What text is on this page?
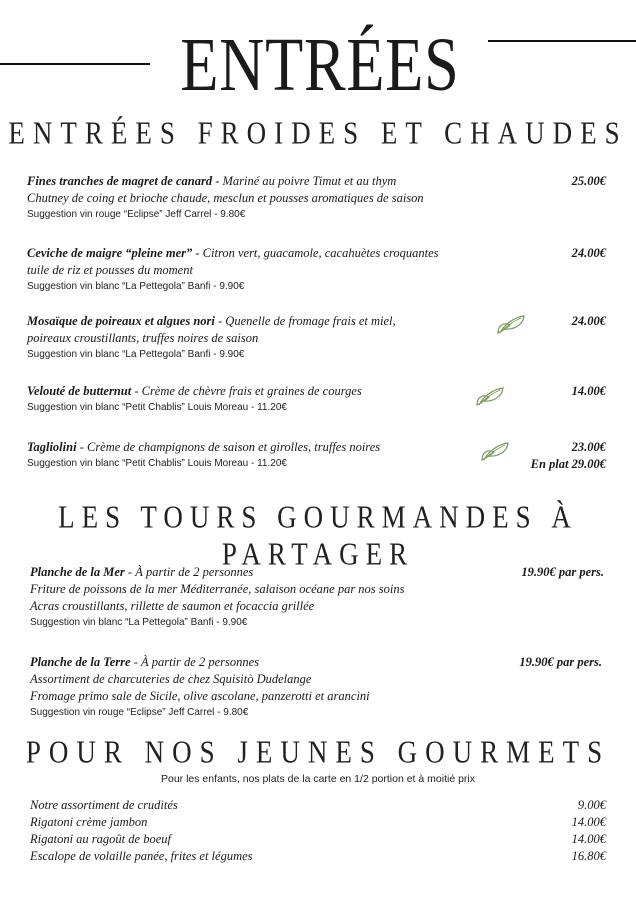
ENTRÉES
ENTRÉES FROIDES ET CHAUDES
Fines tranches de magret de canard - Mariné au poivre Timut et au thym
Chutney de coing et brioche chaude, mesclun et pousses aromatiques de saison
Suggestion vin rouge “Eclipse” Jeff Carrel - 9.80€
25.00€
Ceviche de maigre “pleine mer” - Citron vert, guacamole, cacahuètes croquantes
tuile de riz et pousses du moment
Suggestion vin blanc “La Pettegola” Banfi - 9.90€
24.00€
Mosaïque de poireaux et algues nori - Quenelle de fromage frais et miel,
poireaux croustillants, truffes noires de saison
Suggestion vin blanc “La Pettegola” Banfi - 9.90€
24.00€
Velouté de butternut - Crème de chèvre frais et graines de courges
Suggestion vin blanc “Petit Chablis” Louis Moreau - 11.20€
14.00€
Tagliolini - Crème de champignons de saison et girolles, truffes noires
Suggestion vin blanc “Petit Chablis” Louis Moreau - 11.20€
23.00€
En plat 29.00€
LES TOURS GOURMANDES À PARTAGER
Planche de la Mer - À partir de 2 personnes
Friture de poissons de la mer Méditerranée, salaison océane par nos soins
Acras croustillants, rillette de saumon et focaccia grillée
Suggestion vin blanc “La Pettegola” Banfi - 9.90€
19.90€ par pers.
Planche de la Terre - À partir de 2 personnes
Assortiment de charcuteries de chez Squisitò Dudelange
Fromage primo sale de Sicile, olive ascolane, panzerotti et arancini
Suggestion vin rouge “Eclipse” Jeff Carrel - 9.80€
19.90€ par pers.
POUR NOS JEUNES GOURMETS
Pour les enfants, nos plats de la carte en 1/2 portion et à moitié prix
Notre assortiment de crudités	9.00€
Rigatoni crème jambon	14.00€
Rigatoni au ragoût de boeuf	14.00€
Escalope de volaille panée, frites et légumes	16.80€
